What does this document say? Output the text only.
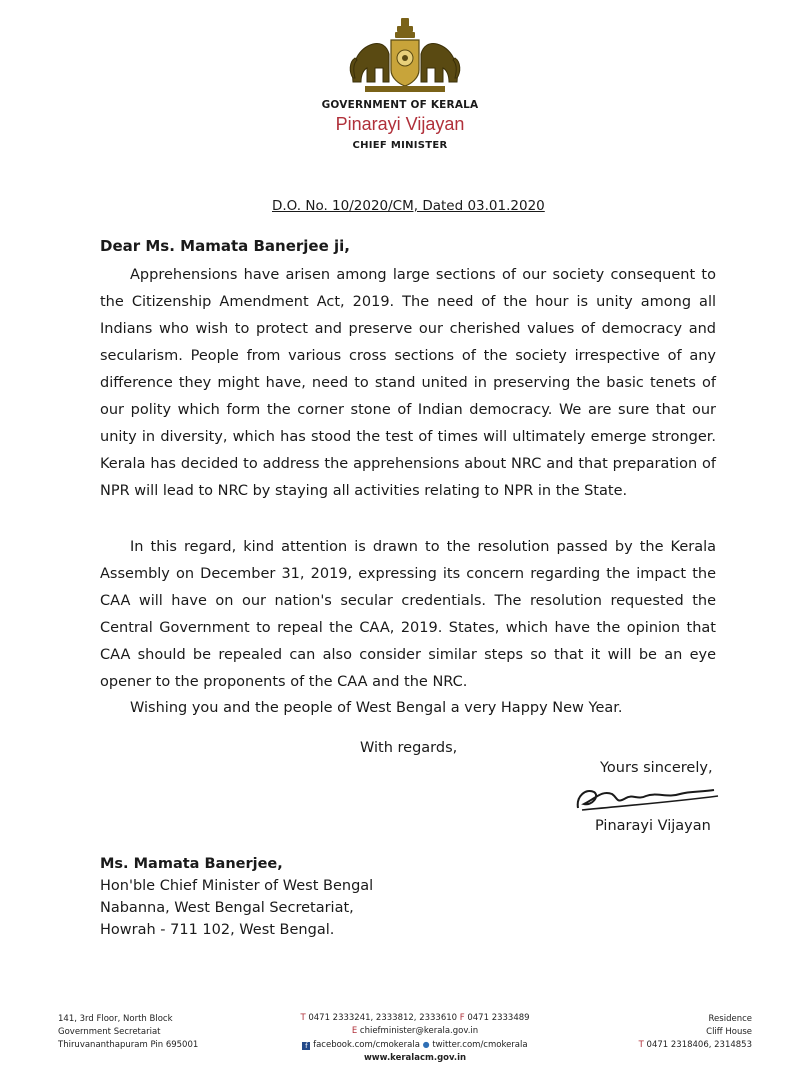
GOVERNMENT OF KERALA
Pinarayi Vijayan
CHIEF MINISTER
D.O. No. 10/2020/CM, Dated 03.01.2020
Dear Ms. Mamata Banerjee ji,
Apprehensions have arisen among large sections of our society consequent to the Citizenship Amendment Act, 2019. The need of the hour is unity among all Indians who wish to protect and preserve our cherished values of democracy and secularism. People from various cross sections of the society irrespective of any difference they might have, need to stand united in preserving the basic tenets of our polity which form the corner stone of Indian democracy. We are sure that our unity in diversity, which has stood the test of times will ultimately emerge stronger. Kerala has decided to address the apprehensions about NRC and that preparation of NPR will lead to NRC by staying all activities relating to NPR in the State.
In this regard, kind attention is drawn to the resolution passed by the Kerala Assembly on December 31, 2019, expressing its concern regarding the impact the CAA will have on our nation's secular credentials. The resolution requested the Central Government to repeal the CAA, 2019. States, which have the opinion that CAA should be repealed can also consider similar steps so that it will be an eye opener to the proponents of the CAA and the NRC.
Wishing you and the people of West Bengal a very Happy New Year.
With regards,
Yours sincerely,
Pinarayi Vijayan
Ms. Mamata Banerjee,
Hon'ble Chief Minister of West Bengal
Nabanna, West Bengal Secretariat,
Howrah - 711 102, West Bengal.
141, 3rd Floor, North Block
Government Secretariat
Thiruvananthapuram Pin 695001
T 0471 2333241, 2333812, 2333610 F 0471 2333489
E chiefminister@kerala.gov.in
f facebook.com/cmokerala ● twitter.com/cmokerala
www.keralacm.gov.in
Residence
Cliff House
T 0471 2318406, 2314853
